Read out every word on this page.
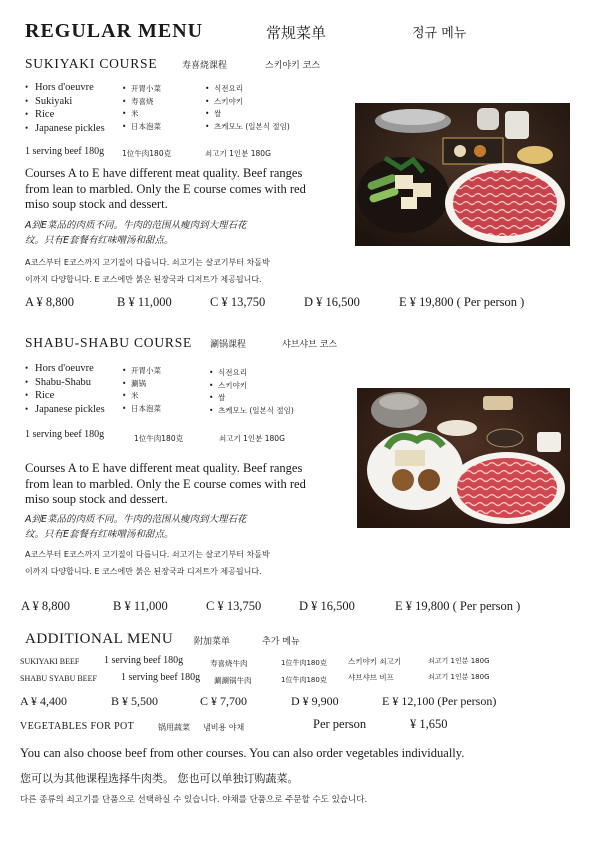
REGULAR MENU	常规菜单	정규 메뉴
SUKIYAKI COURSE	寿喜烧课程	스키야키 코스
• Hors d'oeuvre
• Sukiyaki
• Rice
• Japanese pickles
• 开胃小菜
• 寿喜烧
• 米
• 日本泡菜
• 식전요리
• 스키야키
• 쌀
• 츠케모노 (일본식 절임)
1 serving beef 180g 1位牛肉180克	쇠고기 1인분 180G
Courses A to E have different meat quality. Beef ranges
from lean to marbled. Only the E course comes with red
miso soup stock and dessert.
A到E菜品的肉质不同。牛肉的范围从瘦肉到大理石花
纹。只有E套餐有红味噌汤和甜点。
A코스부터 E코스까지 고기질이 다릅니다. 쇠고기는 살코기부터 차돌박
이까지 다양합니다. E 코스에만 붉은 된장국과 디저트가 제공됩니다.
A ¥ 8,800	B ¥ 11,000	C ¥ 13,750	D ¥ 16,500	E ¥ 19,800 ( Per person )
SHABU-SHABU COURSE 涮锅课程	샤브샤브 코스
• Hors d'oeuvre
• Shabu-Shabu
• Rice
• Japanese pickles
• 开胃小菜
• 涮锅
• 米
• 日本泡菜
• 식전요리
• 스키야키
• 쌀
• 츠케모노 (일본식 절임)
1 serving beef 180g	1位牛肉180克	쇠고기 1인분 180G
Courses A to E have different meat quality. Beef ranges
from lean to marbled. Only the E course comes with red
miso soup stock and dessert.
A到E菜品的肉质不同。牛肉的范围从瘦肉到大理石花
纹。只有E套餐有红味噌汤和甜点。
A코스부터 E코스까지 고기질이 다릅니다. 쇠고기는 살코기부터 차돌박
이까지 다양합니다. E 코스에만 붉은 된장국과 디저트가 제공됩니다.
A ¥ 8,800	B ¥ 11,000	C ¥ 13,750	D ¥ 16,500	E ¥ 19,800 ( Per person )
ADDITIONAL MENU 附加菜单	추가 메뉴
SUKIYAKI BEEF 1 serving beef 180g	寿喜烧牛肉	1位牛肉180克	스키야키 쇠고기	쇠고기 1인분 180G
SHABU SYABU BEEF 1 serving beef 180g 涮涮锅牛肉	1位牛肉180克	샤브샤브 비프	쇠고기 1인분 180G
A ¥ 4,400	B ¥ 5,500	C ¥ 7,700	D ¥ 9,900	E ¥ 12,100 (Per person)
VEGETABLES FOR POT	锅用蔬菜 냄비용 야채	Per person	¥ 1,650
You can also choose beef from other courses. You can also order vegetables individually.
您可以为其他课程选择牛肉类。 您也可以单独订购蔬菜。
다른 종류의 쇠고기를 단품으로 선택하실 수 있습니다. 야채를 단품으로 주문할 수도 있습니다.
